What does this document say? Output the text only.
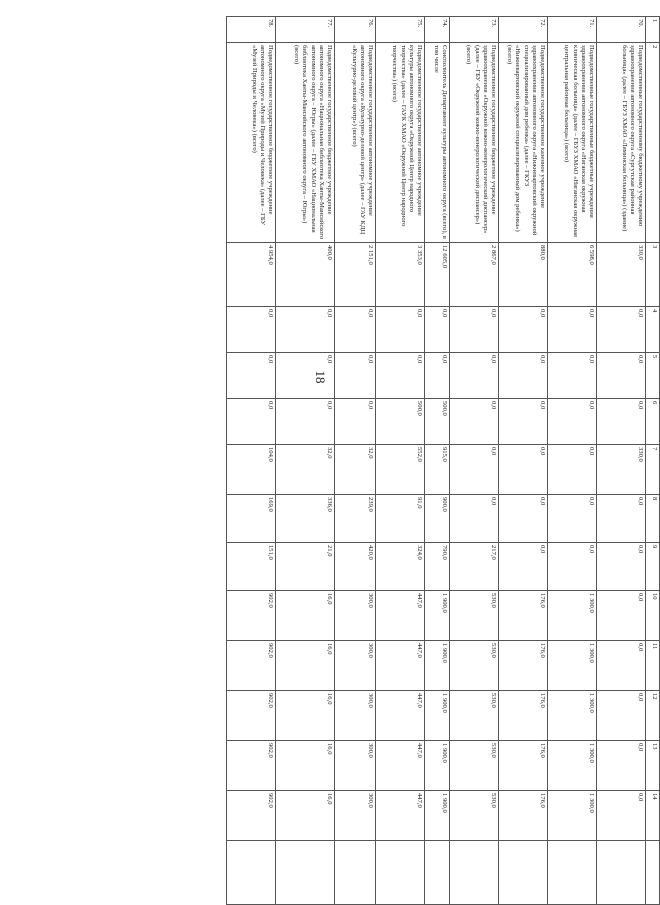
18
1	2	3	4	5	6	7	8	9	10	11	12	13	14	
70.	Подведомственные государственному бюджетному учреждению здравоохранения автономного округа «Сургутская районная больница» (далее – ГБУЗ ХМАО «Ляминская больница») (здание)	330,0	0,0	0,0	0,0	330,0	0,0	0,0	0,0	0,0	0,0	0,0	0,0	
71.	Подведомственные государственные бюджетные учреждения здравоохранения автономного округа «Няганская окружная клиническая больница» (далее – ГБУЗ ХМАО «Няганская окружная центральная районная больница») (всего)	6 598,0	0,0	0,0	0,0	0,0	0,0	0,0	1 300,0	1 300,0	1 300,0	1 300,0	1 300,0	
72.	Подведомственное государственное казенное учреждение здравоохранения автономного округа «Нижневартовский окружной специализированный дом ребенка» (далее – ГКУЗ «Нижневартовский окружной специализированный дом ребенка») (всего)	880,0	0,0	0,0	0,0	0,0	0,0	0,0	176,0	176,0	176,0	176,0	176,0	
73.	Подведомственное государственное бюджетное учреждение здравоохранения «Окружной кожно-венерологический диспансер» (далее – ГБУ «Окружной кожно-венерологический диспансер») (всего)	2 867,0	0,0	0,0	0,0	0,0	0,0	217,0	530,0	530,0	530,0	530,0	530,0	
74.	Соисполнитель Департамент культуры автономного округа (всего), в том числе	12 605,0	0,0	0,0	500,0	915,0	900,0	790,0	1 900,0	1 900,0	1 900,0	1 900,0	1 900,0	
75.	Подведомственное государственное автономное учреждение культуры автономного округа «Окружной Центр народного творчества» (далее – ГАУК ХМАО «Окружной Центр народного творчества») (всего)	3 353,0	0,0	0,0	500,0	552,0	91,0	324,0	447,0	447,0	447,0	447,0	447,0	
76.	Подведомственное государственное автономное учреждение автономного округа «Культурно-деловой центр» (далее – ГАУ КДЦ «Культурно-деловой центр») (всего)	2 151,0	0,0	0,0	0,0	32,0	239,0	420,0	300,0	300,0	300,0	300,0	300,0	
77.	Подведомственное государственное бюджетное учреждение автономного округа «Национальная библиотека Ханты-Мансийского автономного округа – Югры» (далее – ГБУ ХМАО «Национальная библиотека Ханты-Мансийского автономного округа – Югры») (всего)	400,0	0,0	0,0	0,0	32,0	336,0	21,0	16,0	16,0	16,0	16,0	16,0	
78.	Подведомственное государственное бюджетное учреждение автономного округа «Музей Природы и Человека» (далее – ГБУ «Музей Природы и Человека») (всего)	4 954,0	0,0	0,0	0,0	104,0	169,0	151,0	902,0	902,0	902,0	902,0	902,0	
